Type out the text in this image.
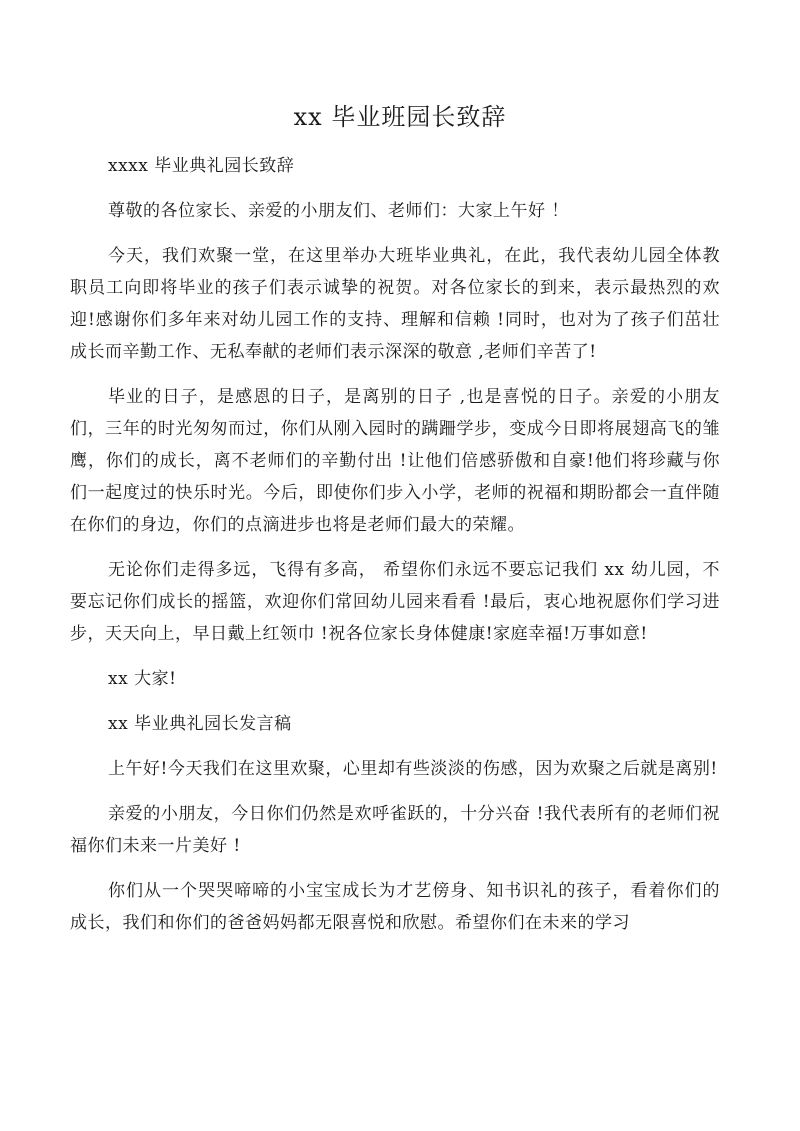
xx 毕业班园长致辞

xxxx 毕业典礼园长致辞

尊敬的各位家长、亲爱的小朋友们、老师们：大家上午好 ！

今天，我们欢聚一堂，在这里举办大班毕业典礼，在此，我代表幼儿园全体教职员工向即将毕业的孩子们表示诚挚的祝贺。对各位家长的到来，表示最热烈的欢迎!感谢你们多年来对幼儿园工作的支持、理解和信赖 !同时，也对为了孩子们茁壮成长而辛勤工作、无私奉献的老师们表示深深的敬意 ,老师们辛苦了!

毕业的日子，是感恩的日子，是离别的日子 ,也是喜悦的日子。亲爱的小朋友们，三年的时光匆匆而过，你们从刚入园时的蹒跚学步，变成今日即将展翅高飞的雏鹰，你们的成长，离不老师们的辛勤付出 !让他们倍感骄傲和自豪!他们将珍藏与你们一起度过的快乐时光。今后，即使你们步入小学，老师的祝福和期盼都会一直伴随在你们的身边，你们的点滴进步也将是老师们最大的荣耀。

无论你们走得多远，飞得有多高， 希望你们永远不要忘记我们 xx 幼儿园，不要忘记你们成长的摇篮，欢迎你们常回幼儿园来看看 !最后，衷心地祝愿你们学习进步，天天向上，早日戴上红领巾 !祝各位家长身体健康!家庭幸福!万事如意!

xx 大家!

xx 毕业典礼园长发言稿

上午好!今天我们在这里欢聚，心里却有些淡淡的伤感，因为欢聚之后就是离别!

亲爱的小朋友，今日你们仍然是欢呼雀跃的，十分兴奋 !我代表所有的老师们祝福你们未来一片美好 !

你们从一个哭哭啼啼的小宝宝成长为才艺傍身、知书识礼的孩子，看着你们的成长，我们和你们的爸爸妈妈都无限喜悦和欣慰。希望你们在未来的学习
